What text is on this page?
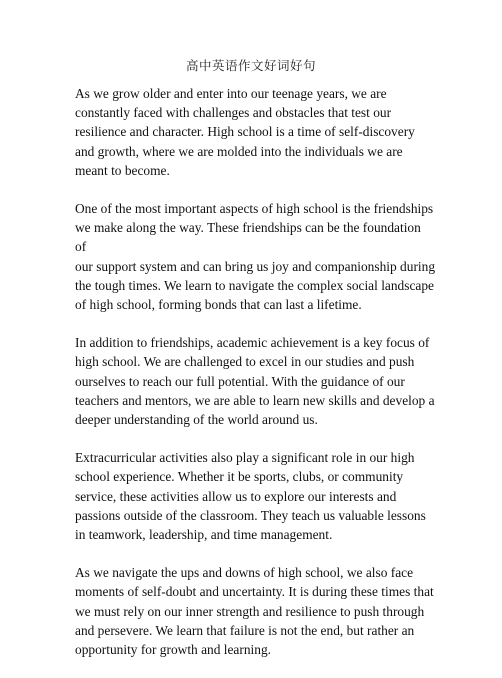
高中英语作文好词好句

As we grow older and enter into our teenage years, we are
constantly faced with challenges and obstacles that test our
resilience and character. High school is a time of self-discovery
and growth, where we are molded into the individuals we are
meant to become.

One of the most important aspects of high school is the friendships
we make along the way. These friendships can be the foundation of
our support system and can bring us joy and companionship during
the tough times. We learn to navigate the complex social landscape
of high school, forming bonds that can last a lifetime.

In addition to friendships, academic achievement is a key focus of
high school. We are challenged to excel in our studies and push
ourselves to reach our full potential. With the guidance of our
teachers and mentors, we are able to learn new skills and develop a
deeper understanding of the world around us.

Extracurricular activities also play a significant role in our high
school experience. Whether it be sports, clubs, or community
service, these activities allow us to explore our interests and
passions outside of the classroom. They teach us valuable lessons
in teamwork, leadership, and time management.

As we navigate the ups and downs of high school, we also face
moments of self-doubt and uncertainty. It is during these times that
we must rely on our inner strength and resilience to push through
and persevere. We learn that failure is not the end, but rather an
opportunity for growth and learning.
